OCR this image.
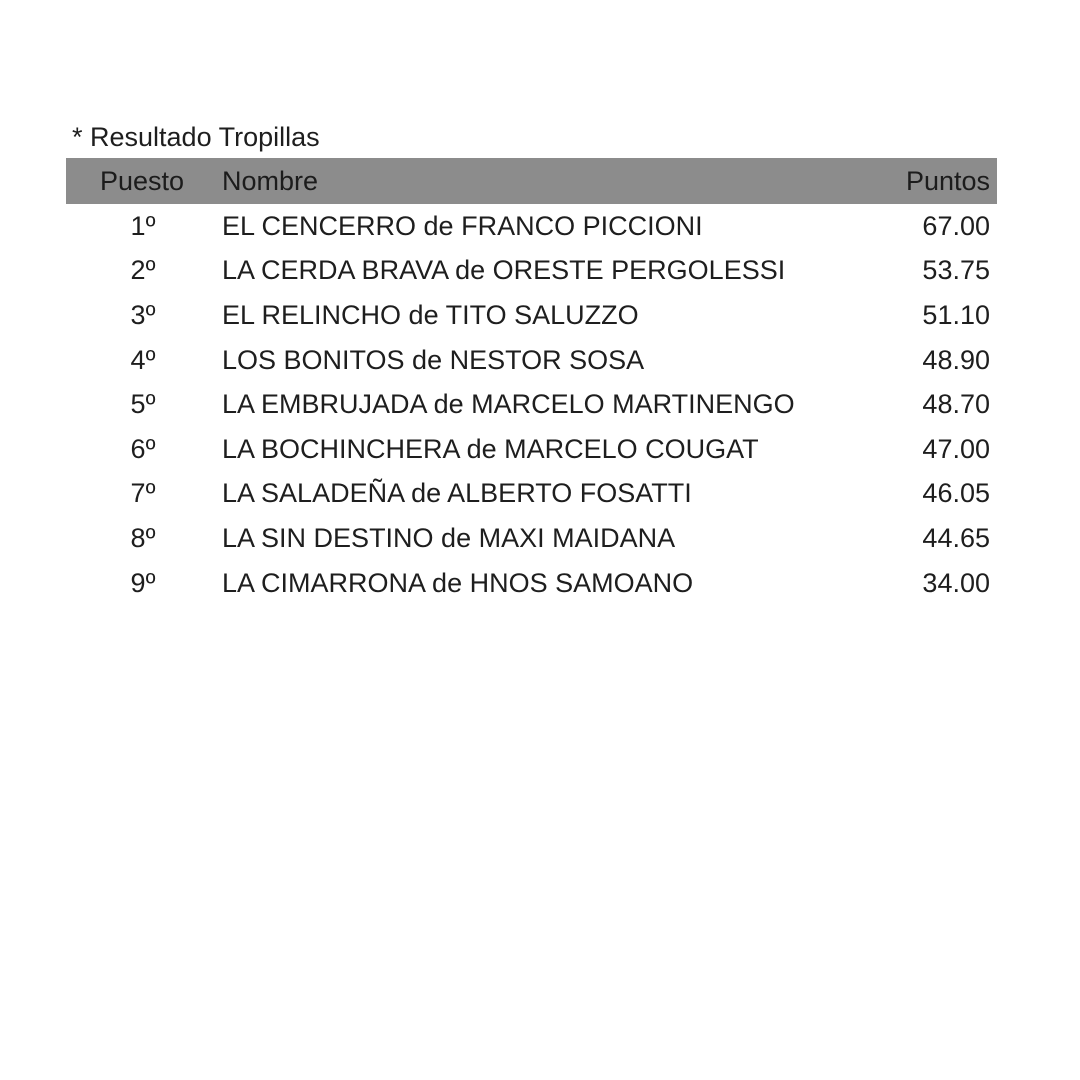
* Resultado Tropillas
Puesto	Nombre	Puntos
1º	EL CENCERRO de FRANCO PICCIONI	67.00
2º	LA CERDA BRAVA de ORESTE PERGOLESSI	53.75
3º	EL RELINCHO de TITO SALUZZO	51.10
4º	LOS BONITOS de NESTOR SOSA	48.90
5º	LA EMBRUJADA de MARCELO MARTINENGO	48.70
6º	LA BOCHINCHERA de MARCELO COUGAT	47.00
7º	LA SALADEÑA de ALBERTO FOSATTI	46.05
8º	LA SIN DESTINO de MAXI MAIDANA	44.65
9º	LA CIMARRONA de HNOS SAMOANO	34.00
